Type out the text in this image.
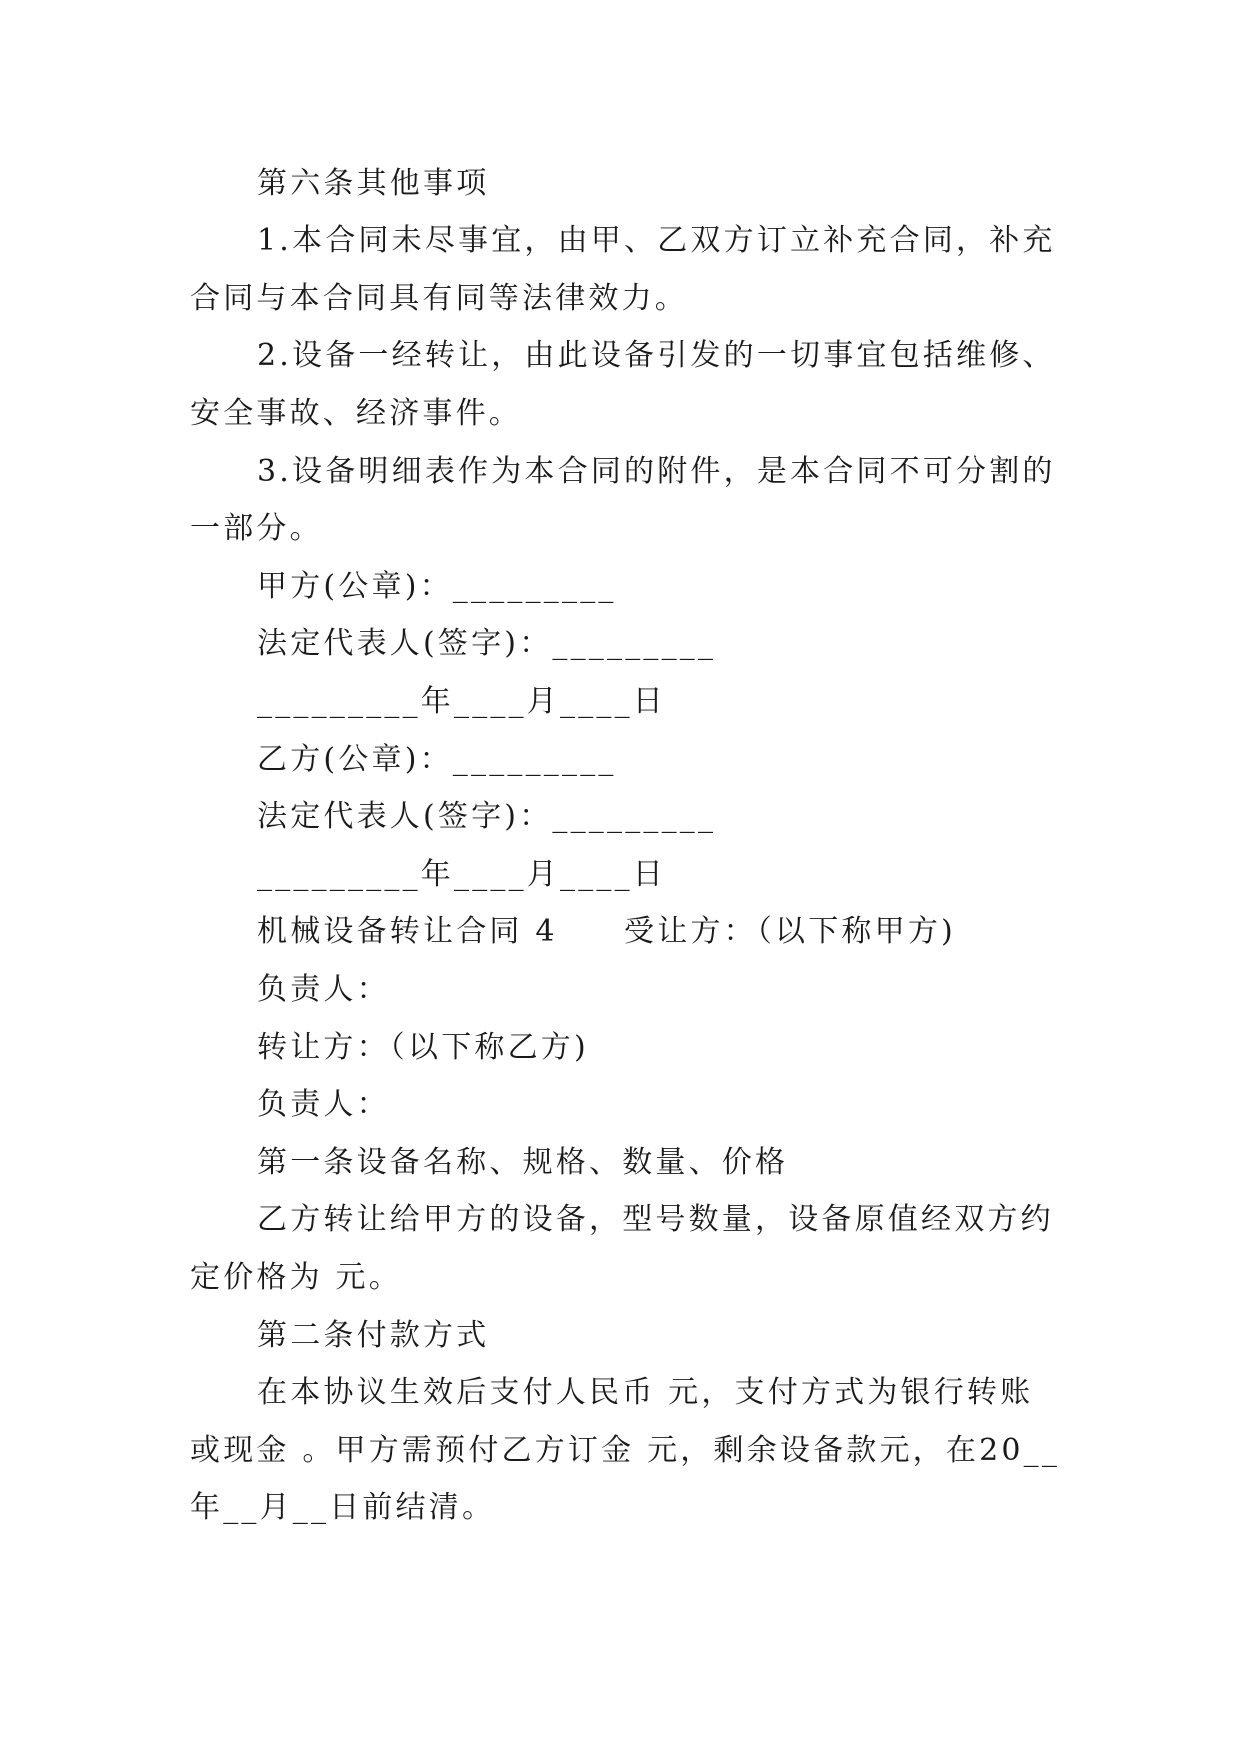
第六条其他事项
1.本合同未尽事宜，由甲、乙双方订立补充合同，补充
合同与本合同具有同等法律效力。
2.设备一经转让，由此设备引发的一切事宜包括维修、
安全事故、经济事件。
3.设备明细表作为本合同的附件，是本合同不可分割的
一部分。
甲方(公章)：_________
法定代表人(签字)：_________
_________年____月____日
乙方(公章)：_________
法定代表人(签字)：_________
_________年____月____日
机械设备转让合同 4　　受让方：（以下称甲方)
负责人：
转让方：（以下称乙方)
负责人：
第一条设备名称、规格、数量、价格
乙方转让给甲方的设备，型号数量，设备原值经双方约
定价格为 元。
第二条付款方式
在本协议生效后支付人民币 元，支付方式为银行转账
或现金 。甲方需预付乙方订金 元，剩余设备款元，在20__
年__月__日前结清。
